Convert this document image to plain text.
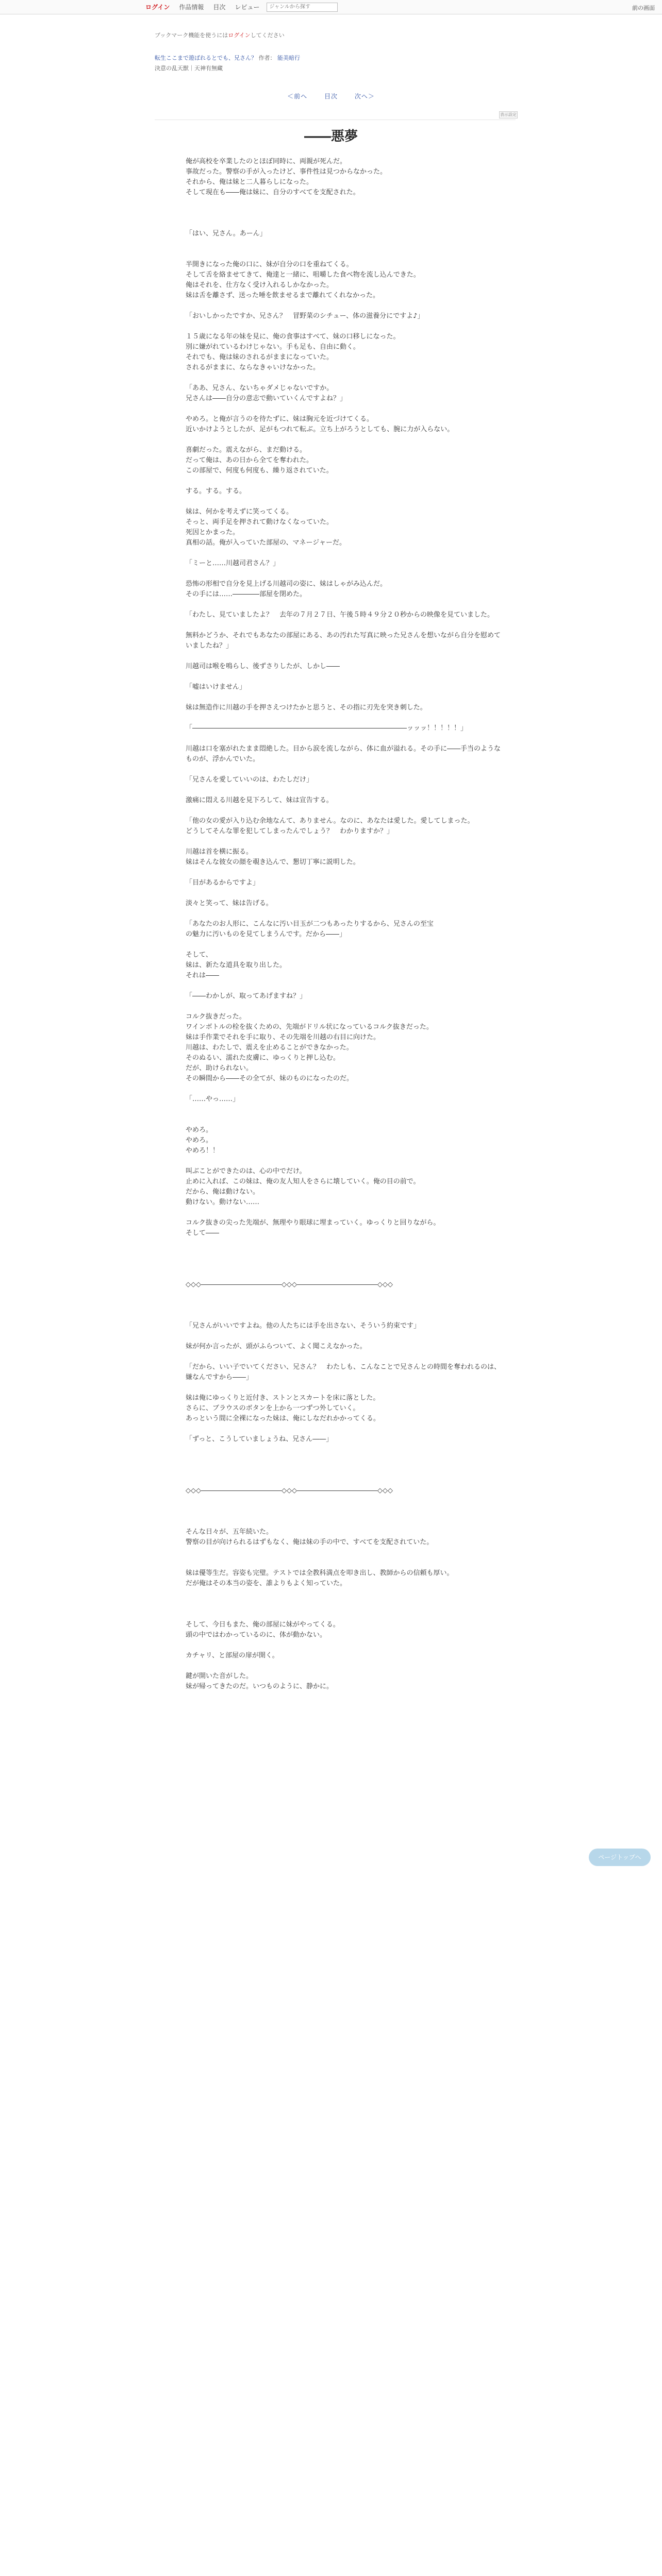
ログイン 作品情報 目次 レビュー
ジャンルから探す	前の画面
ブックマーク機能を使うにはログインしてください
転生ここまで遊ばれるとでも、兄さん？ 作者： 能美暗行
決意の乱天獣｜天神有無藏
＜前へ	目次	次へ＞
表示設定
――悪夢
俺が高校を卒業したのとほぼ同時に、両親が死んだ。
事故だった。警察の手が入ったけど、事件性は見つからなかった。
それから、俺は妹と二人暮らしになった。
そして現在も――俺は妹に、自分のすべてを支配された。
「はい、兄さん。あーん」
半開きになった俺の口に、妹が自分の口を重ねてくる。
そして舌を絡ませてきて、俺達と一緒に、咀嚼した食べ物を流し込んできた。
俺はそれを、仕方なく受け入れるしかなかった。
妹は舌を離さず、送った唾を飲ませるまで離れてくれなかった。
「おいしかったですか、兄さん？　冒野菜のシチュー、体の滋養分にですよ♪」
１５歳になる年の妹を見に、俺の食事はすべて、妹の口移しになった。
別に嫌がれているわけじゃない。手も足も、自由に動く。
それでも、俺は妹のされるがままになっていた。
されるがままに、ならなきゃいけなかった。
「ああ、兄さん、ないちゃダメじゃないですか。
兄さんは――自分の意志で動いていくんですよね？」
やめろ。と俺が言うのを待たずに、妹は胸元を近づけてくる。
近いかけようとしたが、足がもつれて転ぶ。立ち上がろうとしても、腕に力が入らない。
喜劇だった。震えながら、まだ動ける。
だって俺は、あの日から全てを奪われた。
この部屋で、何度も何度も、繰り返されていた。
する。する。する。
妹は、何かを考えずに笑ってくる。
そっと、両手足を押されて動けなくなっていた。
死因とかまった。
真相の話。俺が入っていた部屋の、マネージャーだ。
「ミーと……川越司君さん？」
恐怖の形相で自分を見上げる川越司の姿に、妹はしゃがみ込んだ。
その手には……――――部屋を閉めた。
「わたし、見ていましたよ？　去年の７月２７日、午後５時４９分２０秒からの映像を見ていました。
無料かどうか、それでもあなたの部屋にある、あの汚れた写真に映った兄さんを想いながら自分を慰めていましたね？」
川越司は喉を鳴らし、後ずさりしたが、しかし――
「嘘はいけません」
妹は無造作に川越の手を押さえつけたかと思うと、その指に刃先を突き刺した。
「――――――――――――――――――――――――――――――――ッッッ！！！！！」
川越は口を塞がれたまま悶絶した。目から涙を流しながら、体に血が溢れる。その手に――手当のようなものが、浮かんでいた。
「兄さんを愛していいのは、わたしだけ」
激痛に悶える川越を見下ろして、妹は宣告する。
「他の女の愛が入り込む余地なんて、ありません。なのに、あなたは愛した。愛してしまった。
どうしてそんな罪を犯してしまったんでしょう？　わかりますか？」
川越は首を横に振る。
妹はそんな彼女の顔を覗き込んで、懇切丁寧に説明した。
「目があるからですよ」
淡々と笑って、妹は告げる。
「あなたのお人形に、こんなに汚い目玉が二つもあったりするから、兄さんの至宝
の魅力に汚いものを見てしまうんです。だから――」
そして、
妹は、新たな道具を取り出した。
それは――
「――わかしが、取ってあげますね？」
コルク抜きだった。
ワインボトルの栓を抜くための、先端がドリル状になっているコルク抜きだった。
妹は手作業でそれを手に取り、その先端を川越の右目に向けた。
川越は、わたしで、震えを止めることができなかった。
そのぬるい、濡れた皮膚に、ゆっくりと押し込む。
だが、助けられない。
その瞬間から――その全てが、妹のものになったのだ。
「……やっ……」
やめろ。
やめろ。
やめろ！！
叫ぶことができたのは、心の中でだけ。
止めに入れば、この妹は、俺の友人知人をさらに壊していく。俺の目の前で。
だから、俺は動けない。
動けない。動けない……
コルク抜きの尖った先端が、無理やり眼球に埋まっていく。ゆっくりと回りながら。
そして――
◇◇◇――――――――――――◇◇◇――――――――――――◇◇◇
「兄さんがいいですよね。他の人たちには手を出さない、そういう約束です」
妹が何か言ったが、頭がふらついて、よく聞こえなかった。
「だから、いい子でいてください、兄さん？　わたしも、こんなことで兄さんとの時間を奪われるのは、嫌なんですから――」
妹は俺にゆっくりと近付き、ストンとスカートを床に落とした。
さらに、ブラウスのボタンを上から一つずつ外していく。
あっという間に全裸になった妹は、俺にしなだれかかってくる。
「ずっと、こうしていましょうね、兄さん――」
◇◇◇――――――――――――◇◇◇――――――――――――◇◇◇
そんな日々が、五年続いた。
警察の目が向けられるはずもなく、俺は妹の手の中で、すべてを支配されていた。
妹は優等生だ。容姿も完璧。テストでは全教科満点を叩き出し、教師からの信頼も厚い。
だが俺はその本当の姿を、誰よりもよく知っていた。
そして、今日もまた、俺の部屋に妹がやってくる。
頭の中ではわかっているのに、体が動かない。
カチャリ、と部屋の扉が開く。
鍵が開いた音がした。
妹が帰ってきたのだ。いつものように、静かに。
ページトップへ
